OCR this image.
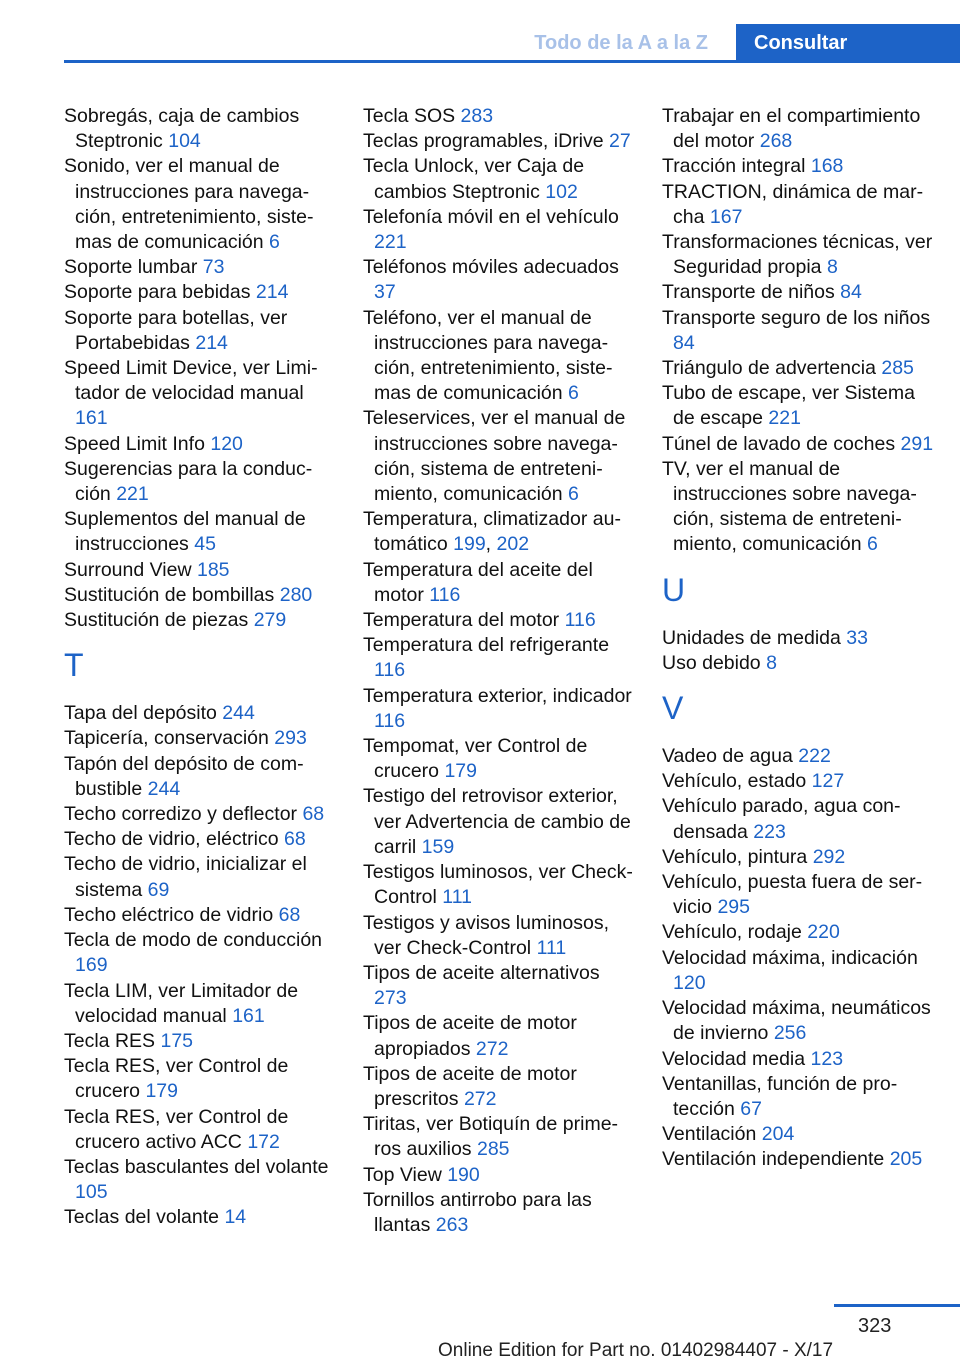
Todo de la A a la Z	Consultar
Sobregás, caja de cambios Steptronic 104
Sonido, ver el manual de instrucciones para navegación, entretenimiento, sistemas de comunicación 6
Soporte lumbar 73
Soporte para bebidas 214
Soporte para botellas, ver Portabebidas 214
Speed Limit Device, ver Limitador de velocidad manual 161
Speed Limit Info 120
Sugerencias para la conducción 221
Suplementos del manual de instrucciones 45
Surround View 185
Sustitución de bombillas 280
Sustitución de piezas 279
T
Tapa del depósito 244
Tapicería, conservación 293
Tapón del depósito de combustible 244
Techo corredizo y deflector 68
Techo de vidrio, eléctrico 68
Techo de vidrio, inicializar el sistema 69
Techo eléctrico de vidrio 68
Tecla de modo de conducción 169
Tecla LIM, ver Limitador de velocidad manual 161
Tecla RES 175
Tecla RES, ver Control de crucero 179
Tecla RES, ver Control de crucero activo ACC 172
Teclas basculantes del volante 105
Teclas del volante 14
Tecla SOS 283
Teclas programables, iDrive 27
Tecla Unlock, ver Caja de cambios Steptronic 102
Telefonía móvil en el vehículo 221
Teléfonos móviles adecuados 37
Teléfono, ver el manual de instrucciones para navegación, entretenimiento, sistemas de comunicación 6
Teleservices, ver el manual de instrucciones sobre navegación, sistema de entretenimiento, comunicación 6
Temperatura, climatizador automático 199, 202
Temperatura del aceite del motor 116
Temperatura del motor 116
Temperatura del refrigerante 116
Temperatura exterior, indicador 116
Tempomat, ver Control de crucero 179
Testigo del retrovisor exterior, ver Advertencia de cambio de carril 159
Testigos luminosos, ver Check-Control 111
Testigos y avisos luminosos, ver Check-Control 111
Tipos de aceite alternativos 273
Tipos de aceite de motor apropiados 272
Tipos de aceite de motor prescritos 272
Tiritas, ver Botiquín de primeros auxilios 285
Top View 190
Tornillos antirrobo para las llantas 263
Trabajar en el compartimiento del motor 268
Tracción integral 168
TRACTION, dinámica de marcha 167
Transformaciones técnicas, ver Seguridad propia 8
Transporte de niños 84
Transporte seguro de los niños 84
Triángulo de advertencia 285
Tubo de escape, ver Sistema de escape 221
Túnel de lavado de coches 291
TV, ver el manual de instrucciones sobre navegación, sistema de entretenimiento, comunicación 6
U
Unidades de medida 33
Uso debido 8
V
Vadeo de agua 222
Vehículo, estado 127
Vehículo parado, agua condensada 223
Vehículo, pintura 292
Vehículo, puesta fuera de servicio 295
Vehículo, rodaje 220
Velocidad máxima, indicación 120
Velocidad máxima, neumáticos de invierno 256
Velocidad media 123
Ventanillas, función de protección 67
Ventilación 204
Ventilación independiente 205
323
Online Edition for Part no. 01402984407 - X/17
